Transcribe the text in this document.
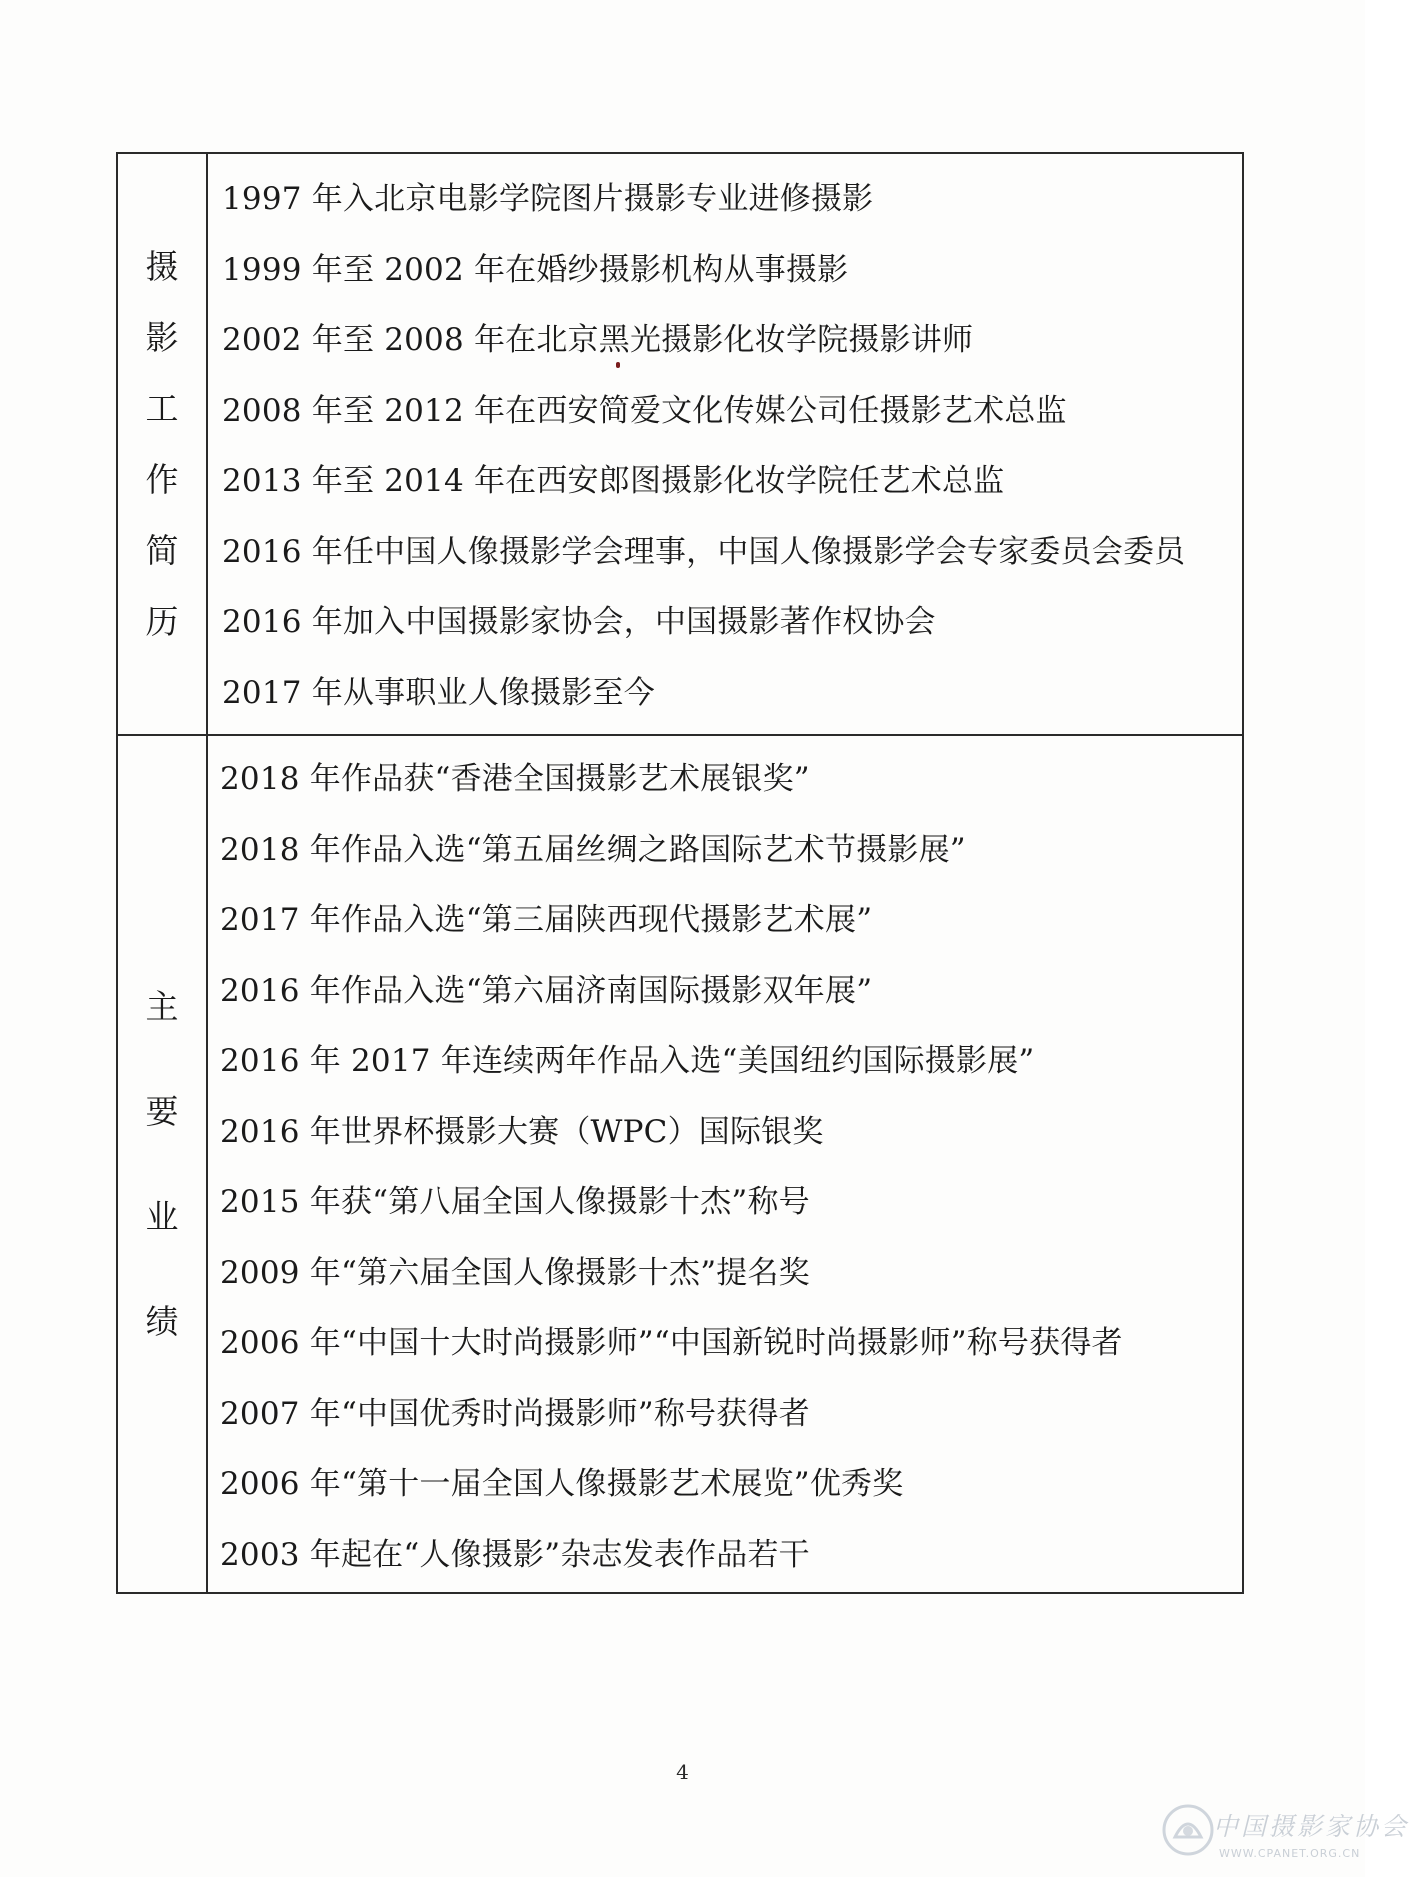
摄
影
工
作
简
历
1997 年入北京电影学院图片摄影专业进修摄影
1999 年至 2002 年在婚纱摄影机构从事摄影
2002 年至 2008 年在北京黑光摄影化妆学院摄影讲师
2008 年至 2012 年在西安简爱文化传媒公司任摄影艺术总监
2013 年至 2014 年在西安郎图摄影化妆学院任艺术总监
2016 年任中国人像摄影学会理事，中国人像摄影学会专家委员会委员
2016 年加入中国摄影家协会，中国摄影著作权协会
2017 年从事职业人像摄影至今
主
要
业
绩
2018 年作品获“香港全国摄影艺术展银奖”
2018 年作品入选“第五届丝绸之路国际艺术节摄影展”
2017 年作品入选“第三届陕西现代摄影艺术展”
2016 年作品入选“第六届济南国际摄影双年展”
2016 年 2017 年连续两年作品入选“美国纽约国际摄影展”
2016 年世界杯摄影大赛（WPC）国际银奖
2015 年获“第八届全国人像摄影十杰”称号
2009 年“第六届全国人像摄影十杰”提名奖
2006 年“中国十大时尚摄影师”“中国新锐时尚摄影师”称号获得者
2007 年“中国优秀时尚摄影师”称号获得者
2006 年“第十一届全国人像摄影艺术展览”优秀奖
2003 年起在“人像摄影”杂志发表作品若干
4
中国摄影家协会
WWW.CPANET.ORG.CN
